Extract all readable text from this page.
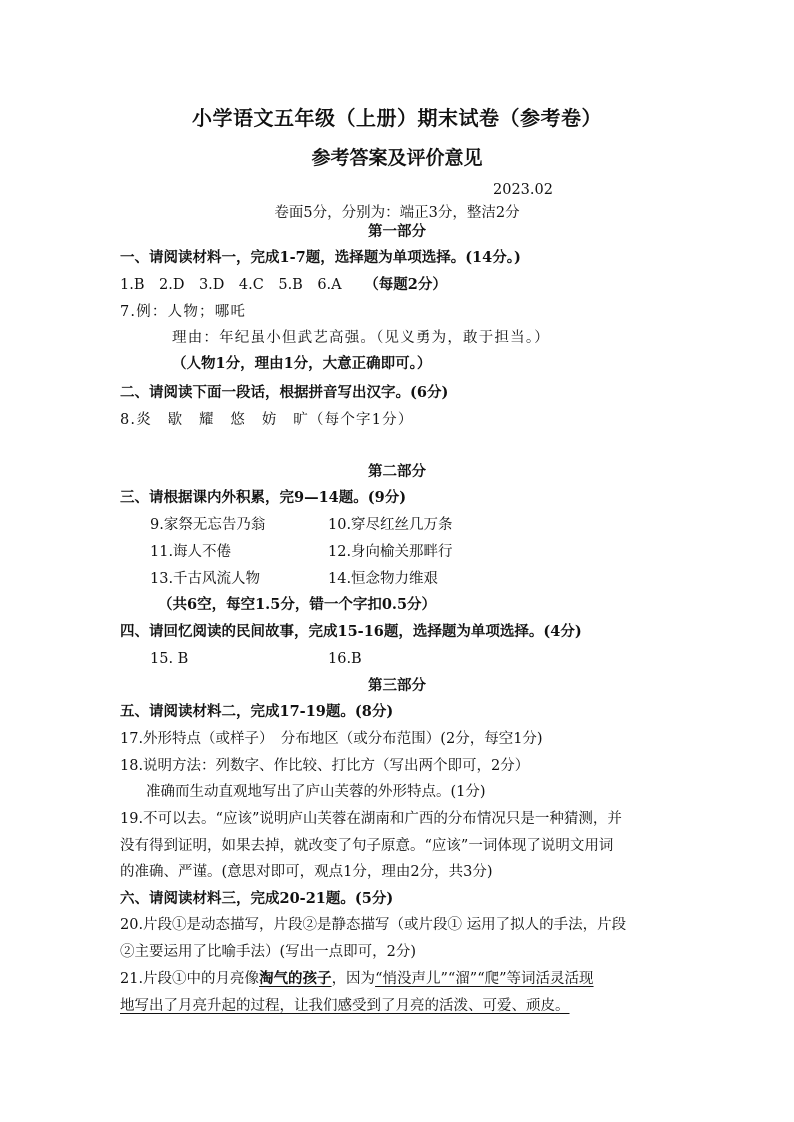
小学语文五年级（上册）期末试卷（参考卷）
参考答案及评价意见
2023.02
卷面5分，分别为：端正3分，整洁2分
第一部分
一、请阅读材料一，完成1-7题，选择题为单项选择。(14分。)
1.B　2.D　3.D　4.C　5.B　6.A （每题2分）
7.例：人物；哪吒
理由：年纪虽小但武艺高强。（见义勇为，敢于担当。）
（人物1分，理由1分，大意正确即可。）
二、请阅读下面一段话，根据拼音写出汉字。(6分)
8.炎　歇　耀　悠　妨　旷（每个字1分）
第二部分
三、请根据课内外积累，完9—14题。(9分)
9.家祭无忘告乃翁	10.穿尽红丝几万条
11.诲人不倦	12.身向榆关那畔行
13.千古风流人物	14.恒念物力维艰
（共6空，每空1.5分，错一个字扣0.5分）
四、请回忆阅读的民间故事，完成15-16题，选择题为单项选择。(4分)
15. B	16.B
第三部分
五、请阅读材料二，完成17-19题。(8分)
17.外形特点（或样子）　分布地区（或分布范围）(2分，每空1分)
18.说明方法：列数字、作比较、打比方（写出两个即可，2分）
准确而生动直观地写出了庐山芙蓉的外形特点。(1分)
19.不可以去。“应该”说明庐山芙蓉在湖南和广西的分布情况只是一种猜测，并
没有得到证明，如果去掉，就改变了句子原意。“应该”一词体现了说明文用词
的准确、严谨。(意思对即可，观点1分，理由2分，共3分)
六、请阅读材料三，完成20-21题。(5分)
20.片段①是动态描写，片段②是静态描写（或片段① 运用了拟人的手法，片段
②主要运用了比喻手法）(写出一点即可，2分)
21.片段①中的月亮像淘气的孩子，因为“悄没声儿”“溜”“爬”等词活灵活现
地写出了月亮升起的过程，让我们感受到了月亮的活泼、可爱、顽皮。
